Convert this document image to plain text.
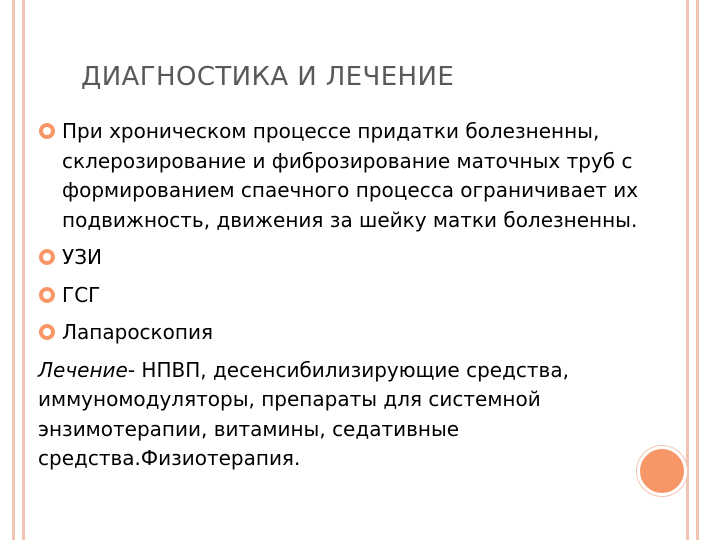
ДИАГНОСТИКА И ЛЕЧЕНИЕ
При хроническом процессе придатки болезненны, склерозирование и фиброзирование маточных труб с формированием спаечного процесса ограничивает их подвижность, движения за шейку матки болезненны.
УЗИ
ГСГ
Лапароскопия
Лечение- НПВП, десенсибилизирующие средства, иммуномодуляторы, препараты для системной энзимотерапии, витамины, седативные средства.Физиотерапия.
